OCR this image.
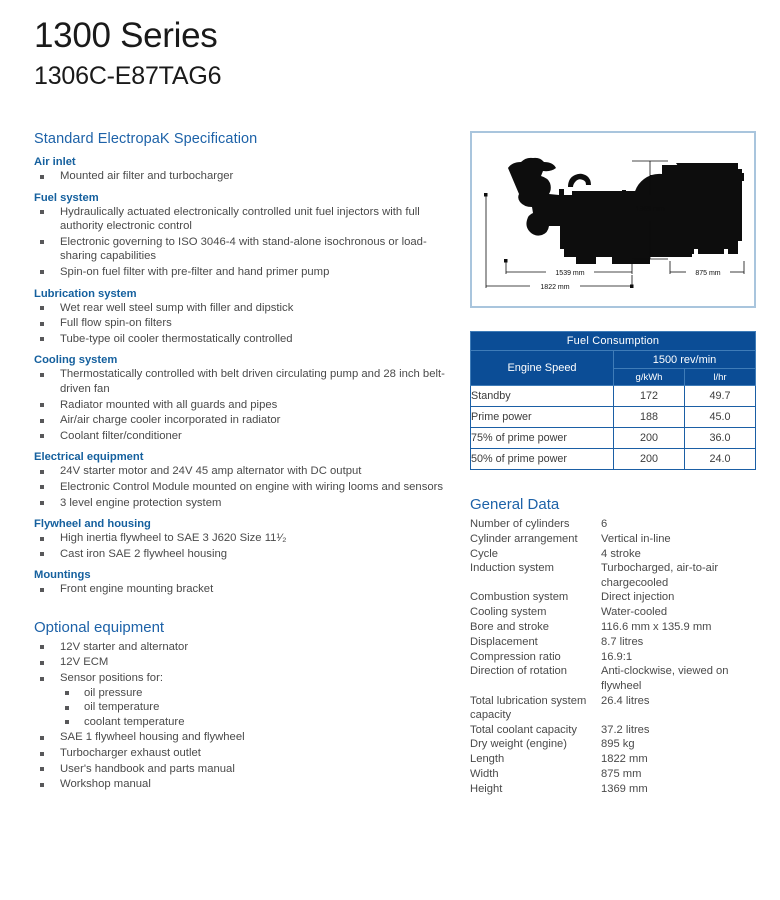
1300 Series
1306C-E87TAG6
Standard ElectropaK Specification
Air inlet
Mounted air filter and turbocharger
Fuel system
Hydraulically actuated electronically controlled unit fuel injectors with full authority electronic control
Electronic governing to ISO 3046-4 with stand-alone isochronous or load-sharing capabilities
Spin-on fuel filter with pre-filter and hand primer pump
Lubrication system
Wet rear well steel sump with filler and dipstick
Full flow spin-on filters
Tube-type oil cooler thermostatically controlled
Cooling system
Thermostatically controlled with belt driven circulating pump and 28 inch belt-driven fan
Radiator mounted with all guards and pipes
Air/air charge cooler incorporated in radiator
Coolant filter/conditioner
Electrical equipment
24V starter motor and 24V 45 amp alternator with DC output
Electronic Control Module mounted on engine with wiring looms and sensors
3 level engine protection system
Flywheel and housing
High inertia flywheel to SAE 3 J620 Size 11¹⁄₂
Cast iron SAE 2 flywheel housing
Mountings
Front engine mounting bracket
Optional equipment
12V starter and alternator
12V ECM
Sensor positions for:
oil pressure
oil temperature
coolant temperature
SAE 1 flywheel housing and flywheel
Turbocharger exhaust outlet
User's handbook and parts manual
Workshop manual
1369 mm
1539 mm
1822 mm
875 mm
Fuel Consumption		
Engine Speed	1500 rev/min	
	g/kWh	l/hr
Standby	172	49.7
Prime power	188	45.0
75% of prime power	200	36.0
50% of prime power	200	24.0
General Data
Number of cylinders	6
Cylinder arrangement	Vertical in-line
Cycle	4 stroke
Induction system	Turbocharged, air-to-air chargecooled
Combustion system	Direct injection
Cooling system	Water-cooled
Bore and stroke	116.6 mm x 135.9 mm
Displacement	8.7 litres
Compression ratio	16.9:1
Direction of rotation	Anti-clockwise, viewed on flywheel
Total lubrication system capacity	26.4 litres
Total coolant capacity	37.2 litres
Dry weight (engine)	895 kg
Length	1822 mm
Width	875 mm
Height	1369 mm
